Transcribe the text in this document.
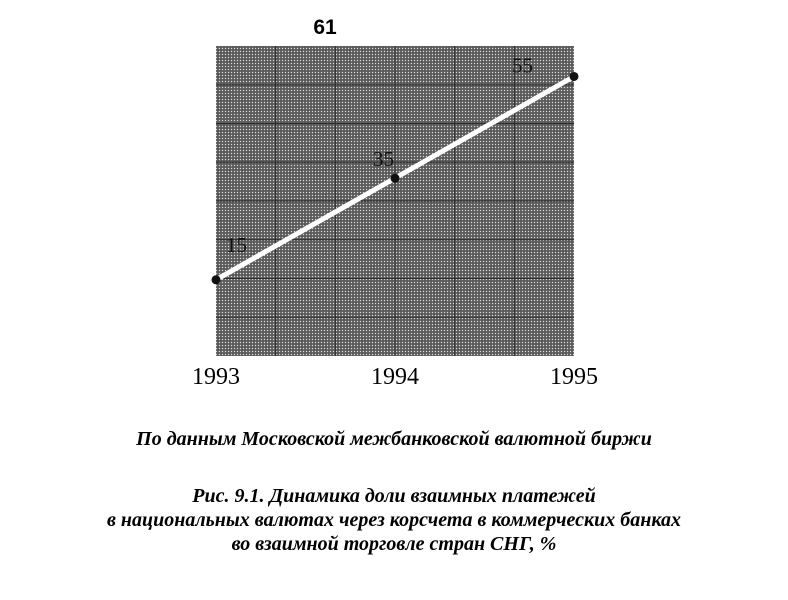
15
35
55
1993	1994	1995
61
По данным Московской межбанковской валютной биржи
Рис. 9.1. Динамика доли взаимных платежей
в национальных валютах через корсчета в коммерческих банках
во взаимной торговле стран СНГ, %
